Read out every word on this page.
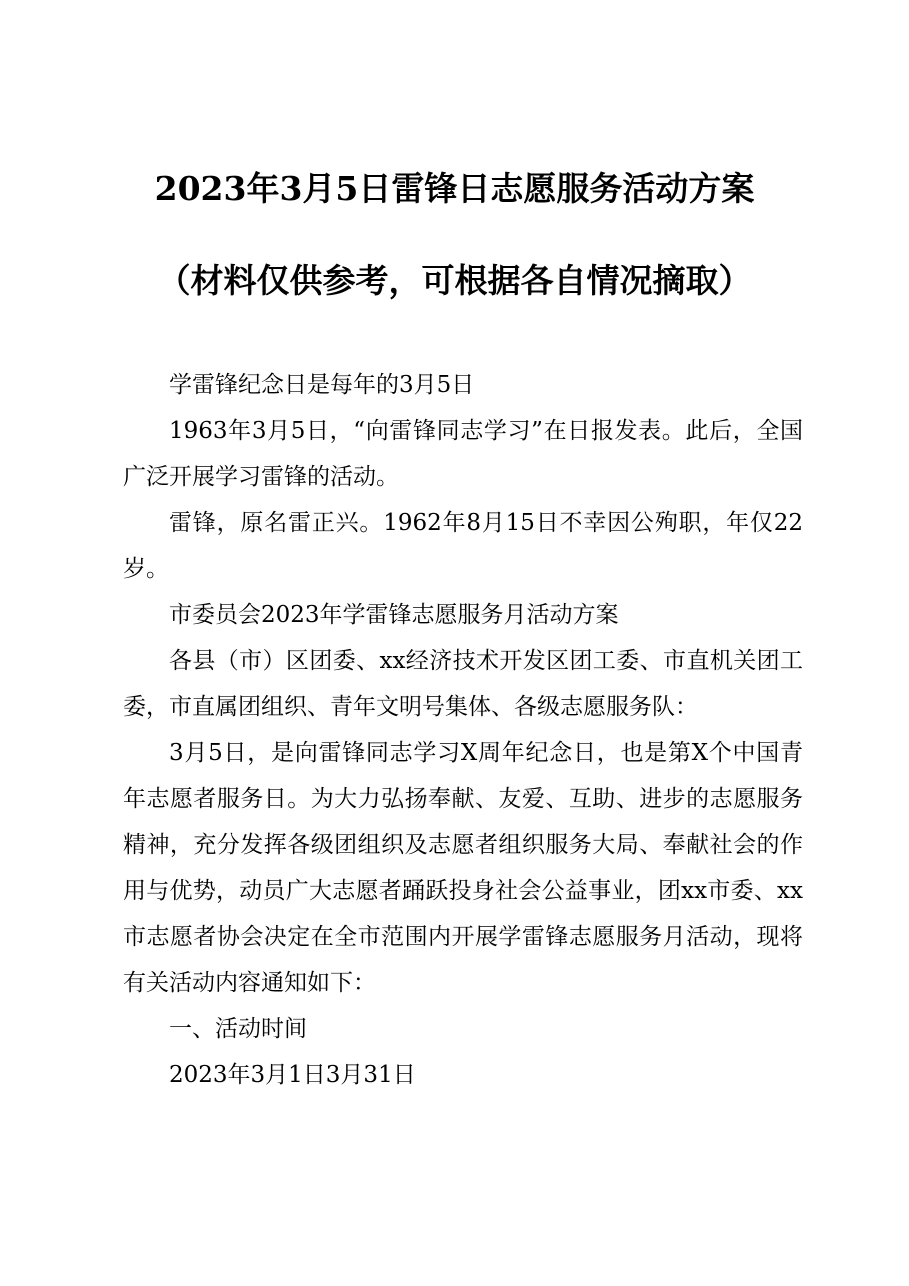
2023年3月5日雷锋日志愿服务活动方案
（材料仅供参考，可根据各自情况摘取）

学雷锋纪念日是每年的3月5日

1963年3月5日，“向雷锋同志学习”在日报发表。此后，全国广泛开展学习雷锋的活动。

雷锋，原名雷正兴。1962年8月15日不幸因公殉职，年仅22岁。

市委员会2023年学雷锋志愿服务月活动方案

各县（市）区团委、xx经济技术开发区团工委、市直机关团工委，市直属团组织、青年文明号集体、各级志愿服务队：

3月5日，是向雷锋同志学习X周年纪念日，也是第X个中国青年志愿者服务日。为大力弘扬奉献、友爱、互助、进步的志愿服务精神，充分发挥各级团组织及志愿者组织服务大局、奉献社会的作用与优势，动员广大志愿者踊跃投身社会公益事业，团xx市委、xx市志愿者协会决定在全市范围内开展学雷锋志愿服务月活动，现将有关活动内容通知如下：

一、活动时间

2023年3月1日3月31日
